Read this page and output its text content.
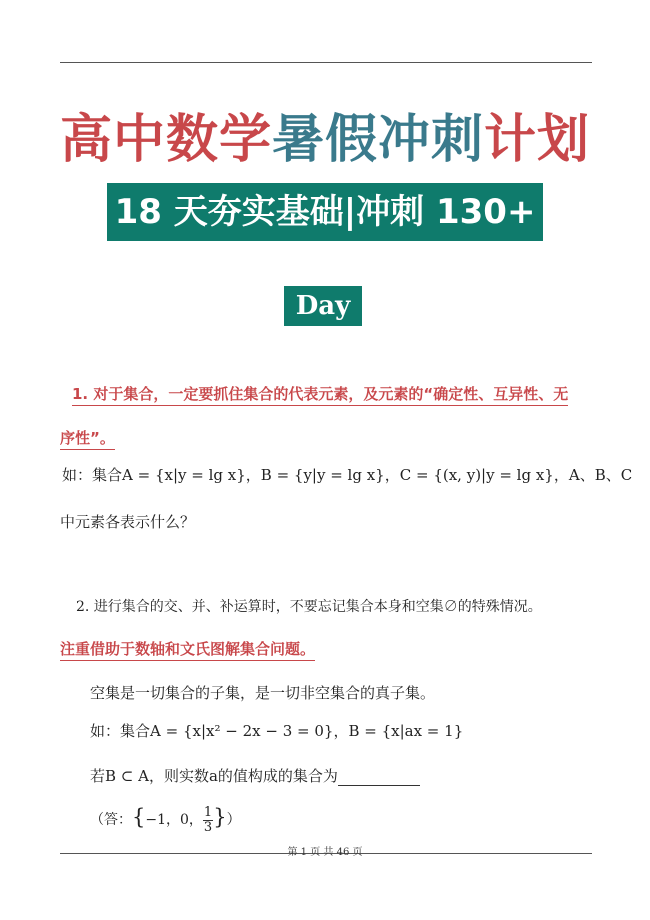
高中数学暑假冲刺计划
18 天夯实基础|冲刺 130+
Day 1
1. 对于集合，一定要抓住集合的代表元素，及元素的“确定性、互异性、无
序性”。
如：集合A = {x|y = lg x}，B = {y|y = lg x}，C = {(x, y)|y = lg x}，A、B、C
中元素各表示什么？
2. 进行集合的交、并、补运算时，不要忘记集合本身和空集∅的特殊情况。
注重借助于数轴和文氏图解集合问题。
空集是一切集合的子集，是一切非空集合的真子集。
如：集合A = {x|x² − 2x − 3 = 0}，B = {x|ax = 1}
若B ⊂ A，则实数a的值构成的集合为
（答：{−1，0， $\frac{1}{3}$ }）
第 1 页 共 46 页
